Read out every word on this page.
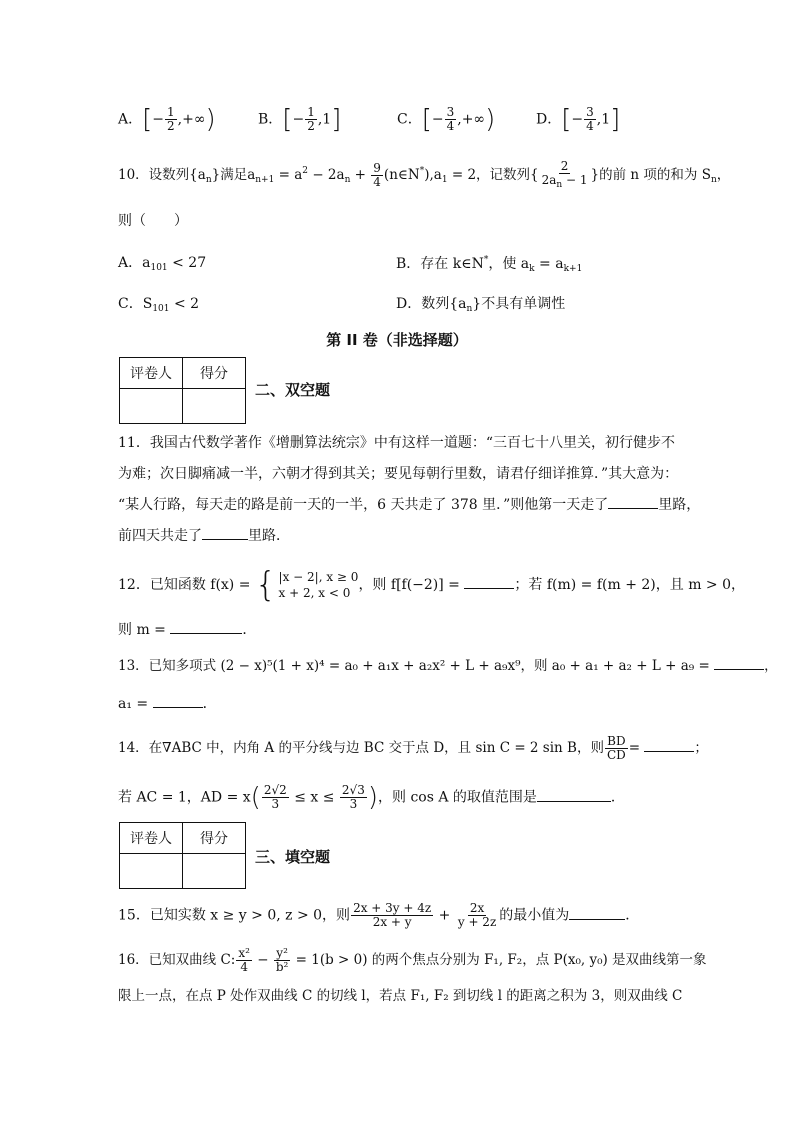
A．[− $\frac{1}{2}$ ,+∞)	B．[− $\frac{1}{2} ,1$]	C．[− $\frac{3}{4}$ ,+∞)	D．[− $\frac{3}{4} ,1$]
10．设数列$\{a_n\}$满足$a_{n+1} = a^2 - 2a_n + \frac{9}{4}$ $(n\in N^*),a_1 = 2$，记数列{ $\frac{2}{2a_n - 1}$ }的前 n 项的和为 $S_n$，
则（　　）
A．$a_{101} < 27$	B．存在 k∈N*，使 $a_k = a_{k+1}$
C．$S_{101} < 2$	D．数列$\{a_n\}$不具有单调性
第 II 卷（非选择题）
评卷人	得分

二、双空题
11．我国古代数学著作《增删算法统宗》中有这样一道题：“三百七十八里关，初行健步不
为难；次日脚痛减一半，六朝才得到其关；要见每朝行里数，请君仔细详推算．”其大意为：
“某人行路，每天走的路是前一天的一半，6 天共走了 378 里．”则他第一天走了	里路，
前四天共走了	里路．
12．已知函数 f(x) = { |x − 2|, x ≥ 0
x + 2, x < 0 ，则 f[f(−2)] =	；若 f(m) = f(m + 2)，且 m > 0，
则 m =	．
13．已知多项式 (2 − x)⁵(1 + x)⁴ = a₀ + a₁x + a₂x² + L + a₉x⁹，则 a₀ + a₁ + a₂ + L + a₉ =	，
a₁ =	．
14．在∇ABC 中，内角 A 的平分线与边 BC 交于点 D，且 sin C = 2 sin B，则 $\frac{BD}{CD}$ =	；
若 AC = 1，AD = $x( \frac{2√2}{3} \le x \le \frac{2√3}{3}$ )，则 cos A 的取值范围是	．
评卷人	得分

三、填空题
15．已知实数 x ≥ y > 0, z > 0，则 $\frac{2x + 3y + 4z}{2x + y} + \frac{2x}{y + 2z}$ 的最小值为	．
16．已知双曲线 C: $\frac{\text{x²}}{4} - \frac{\text{y²}}{\text{b²}} = 1(b > 0)$ 的两个焦点分别为 F₁, F₂，点 P(x₀, y₀) 是双曲线第一象
限上一点，在点 P 处作双曲线 C 的切线 l，若点 F₁, F₂ 到切线 l 的距离之积为 3，则双曲线 C
